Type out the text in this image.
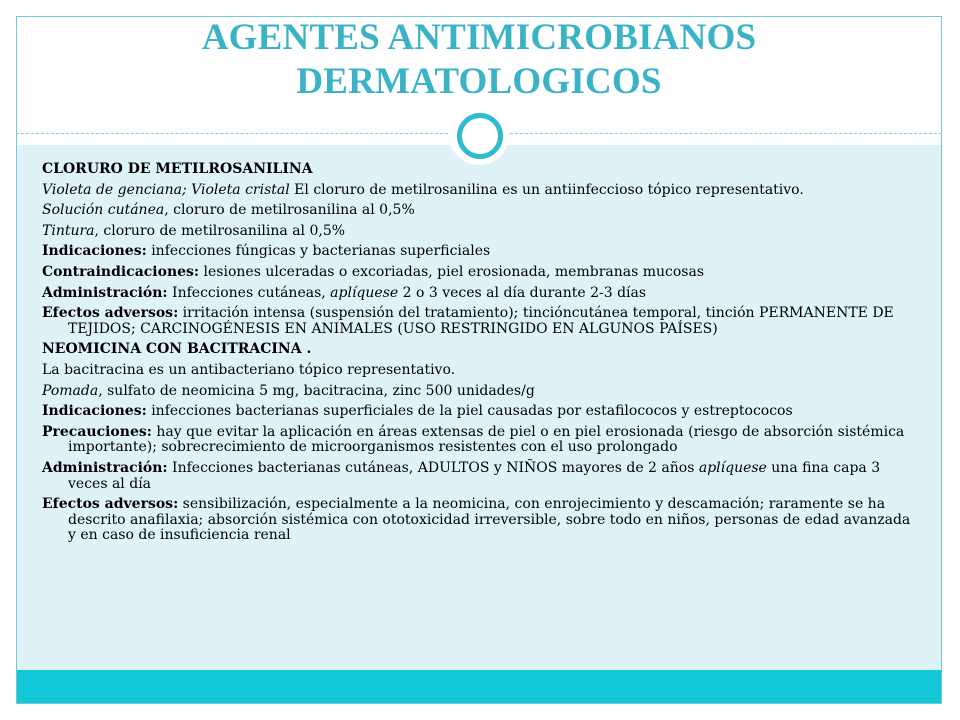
AGENTES ANTIMICROBIANOS
DERMATOLOGICOS

CLORURO DE METILROSANILINA

Violeta de genciana; Violeta cristal El cloruro de metilrosanilina es un antiinfeccioso tópico representativo.

Solución cutánea, cloruro de metilrosanilina al 0,5%

Tintura, cloruro de metilrosanilina al 0,5%

Indicaciones: infecciones fúngicas y bacterianas superficiales

Contraindicaciones: lesiones ulceradas o excoriadas, piel erosionada, membranas mucosas

Administración: Infecciones cutáneas, aplíquese 2 o 3 veces al día durante 2-3 días

Efectos adversos: irritación intensa (suspensión del tratamiento); tincióncutánea temporal, tinción PERMANENTE DE TEJIDOS; CARCINOGÉNESIS EN ANIMALES (USO RESTRINGIDO EN ALGUNOS PAÍSES)

NEOMICINA CON BACITRACINA .

La bacitracina es un antibacteriano tópico representativo.

Pomada, sulfato de neomicina 5 mg, bacitracina, zinc 500 unidades/g

Indicaciones: infecciones bacterianas superficiales de la piel causadas por estafilococos y estreptococos

Precauciones: hay que evitar la aplicación en áreas extensas de piel o en piel erosionada (riesgo de absorción sistémica importante); sobrecrecimiento de microorganismos resistentes con el uso prolongado

Administración: Infecciones bacterianas cutáneas, ADULTOS y NIÑOS mayores de 2 años aplíquese una fina capa 3 veces al día

Efectos adversos: sensibilización, especialmente a la neomicina, con enrojecimiento y descamación; raramente se ha descrito anafilaxia; absorción sistémica con ototoxicidad irreversible, sobre todo en niños, personas de edad avanzada y en caso de insuficiencia renal
